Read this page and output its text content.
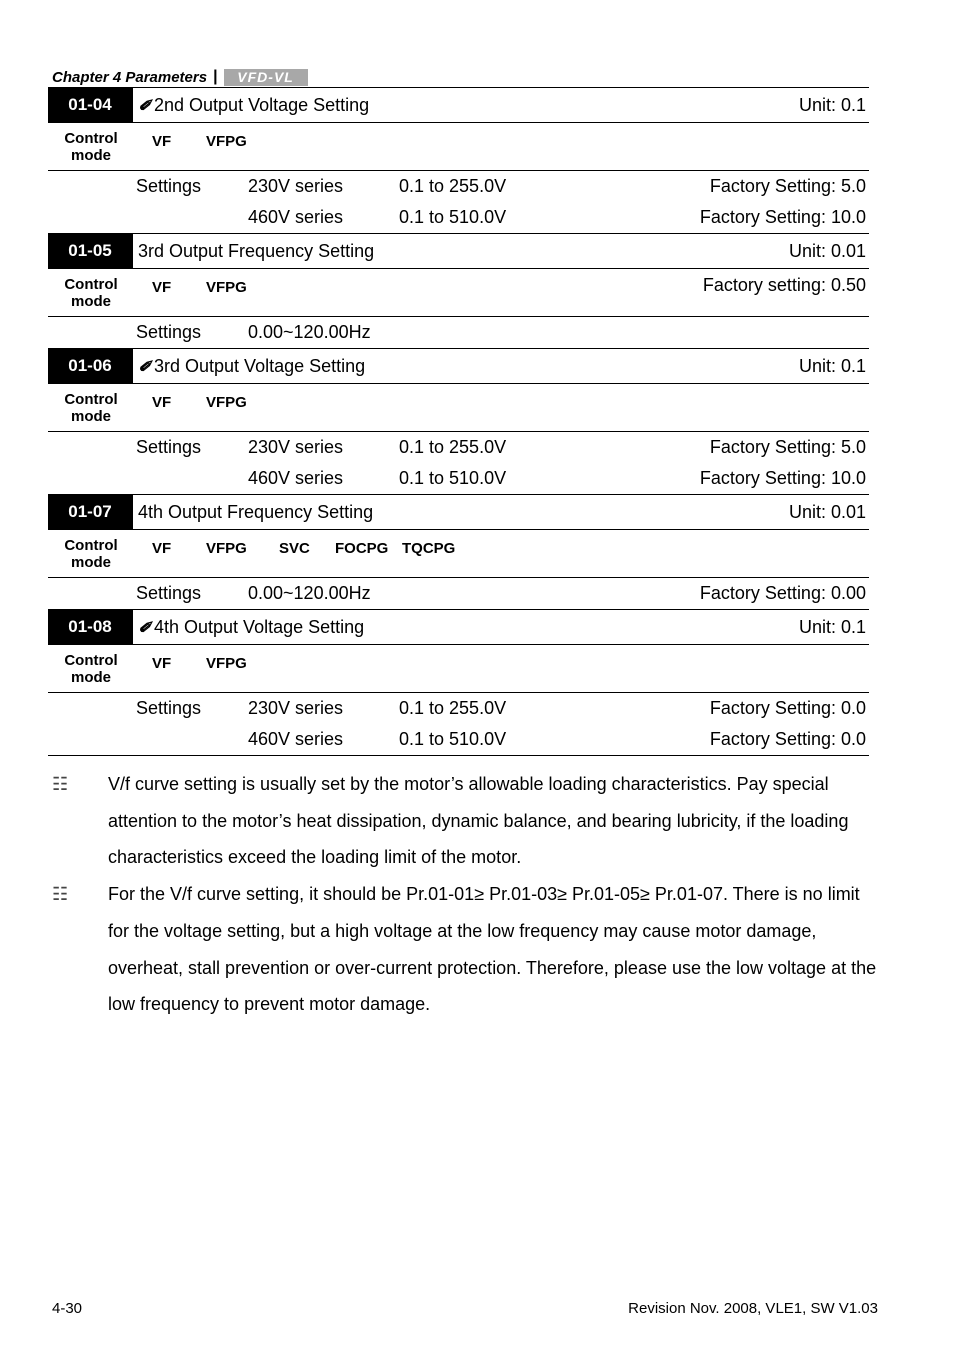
Chapter 4 Parameters |	VFD-VL
01-04	✐ 2nd Output Voltage Setting	Unit: 0.1
Control
mode
VF	VFPG
Settings	230V series	0.1 to 255.0V	Factory Setting: 5.0
460V series	0.1 to 510.0V	Factory Setting: 10.0
01-05	3rd Output Frequency Setting	Unit: 0.01
Control
mode
VF	VFPG	Factory setting: 0.50
Settings	0.00~120.00Hz
01-06	✐ 3rd Output Voltage Setting	Unit: 0.1
Control
mode
VF	VFPG
Settings	230V series	0.1 to 255.0V	Factory Setting: 5.0
460V series	0.1 to 510.0V	Factory Setting: 10.0
01-07	4th Output Frequency Setting	Unit: 0.01
Control
mode
VF	VFPG	SVC	FOCPG TQCPG
Settings	0.00~120.00Hz	Factory Setting: 0.00
01-08	✐ 4th Output Voltage Setting	Unit: 0.1
Control
mode
VF	VFPG
Settings	230V series	0.1 to 255.0V	Factory Setting: 0.0
460V series	0.1 to 510.0V	Factory Setting: 0.0
☷	V/f curve setting is usually set by the motor’s allowable loading characteristics. Pay special attention to the motor’s heat dissipation, dynamic balance, and bearing lubricity, if the loading characteristics exceed the loading limit of the motor.
☷	For the V/f curve setting, it should be Pr.01-01≥ Pr.01-03≥ Pr.01-05≥ Pr.01-07. There is no limit for the voltage setting, but a high voltage at the low frequency may cause motor damage, overheat, stall prevention or over-current protection. Therefore, please use the low voltage at the low frequency to prevent motor damage.
4-30	Revision Nov. 2008, VLE1, SW V1.03
